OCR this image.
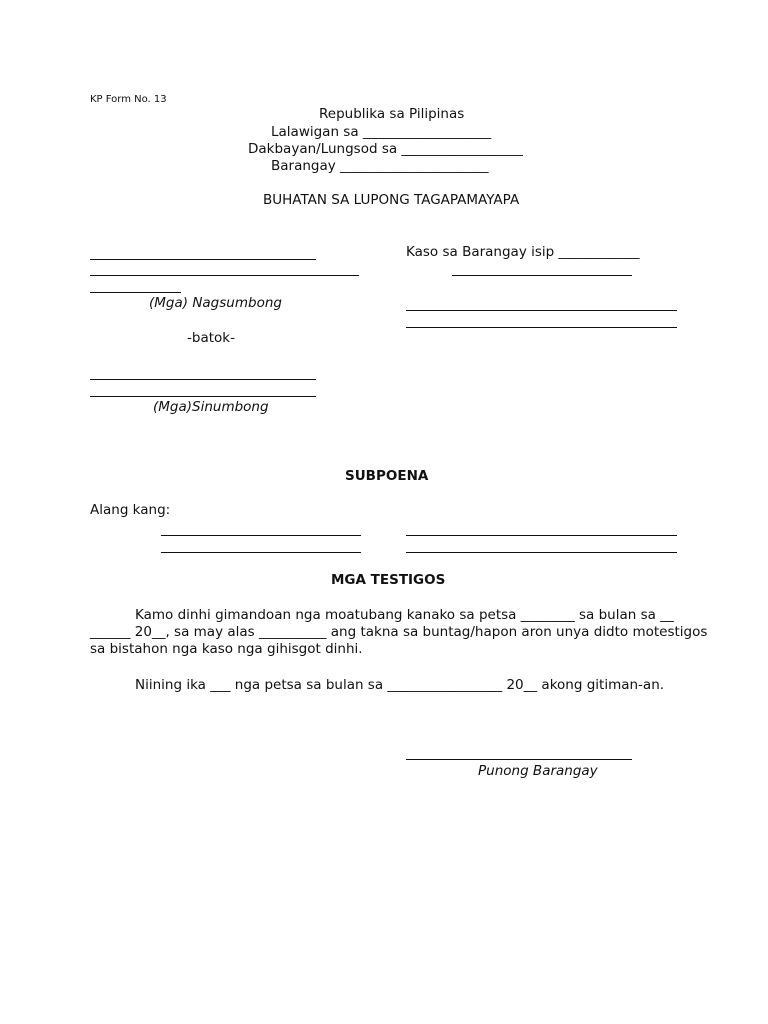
KP Form No. 13
Republika sa Pilipinas
Lalawigan sa ___________________
Dakbayan/Lungsod sa __________________
Barangay ______________________
BUHATAN SA LUPONG TAGAPAMAYAPA
(Mga) Nagsumbong
Kaso sa Barangay isip ____________
-batok-
(Mga)Sinumbong
SUBPOENA
Alang kang:
MGA TESTIGOS
Kamo dinhi gimandoan nga moatubang kanako sa petsa ________ sa bulan sa __
______ 20__, sa may alas __________ ang takna sa buntag/hapon aron unya didto motestigos
sa bistahon nga kaso nga gihisgot dinhi.
Niining ika ___ nga petsa sa bulan sa _________________ 20__ akong gitiman-an.
Punong Barangay
